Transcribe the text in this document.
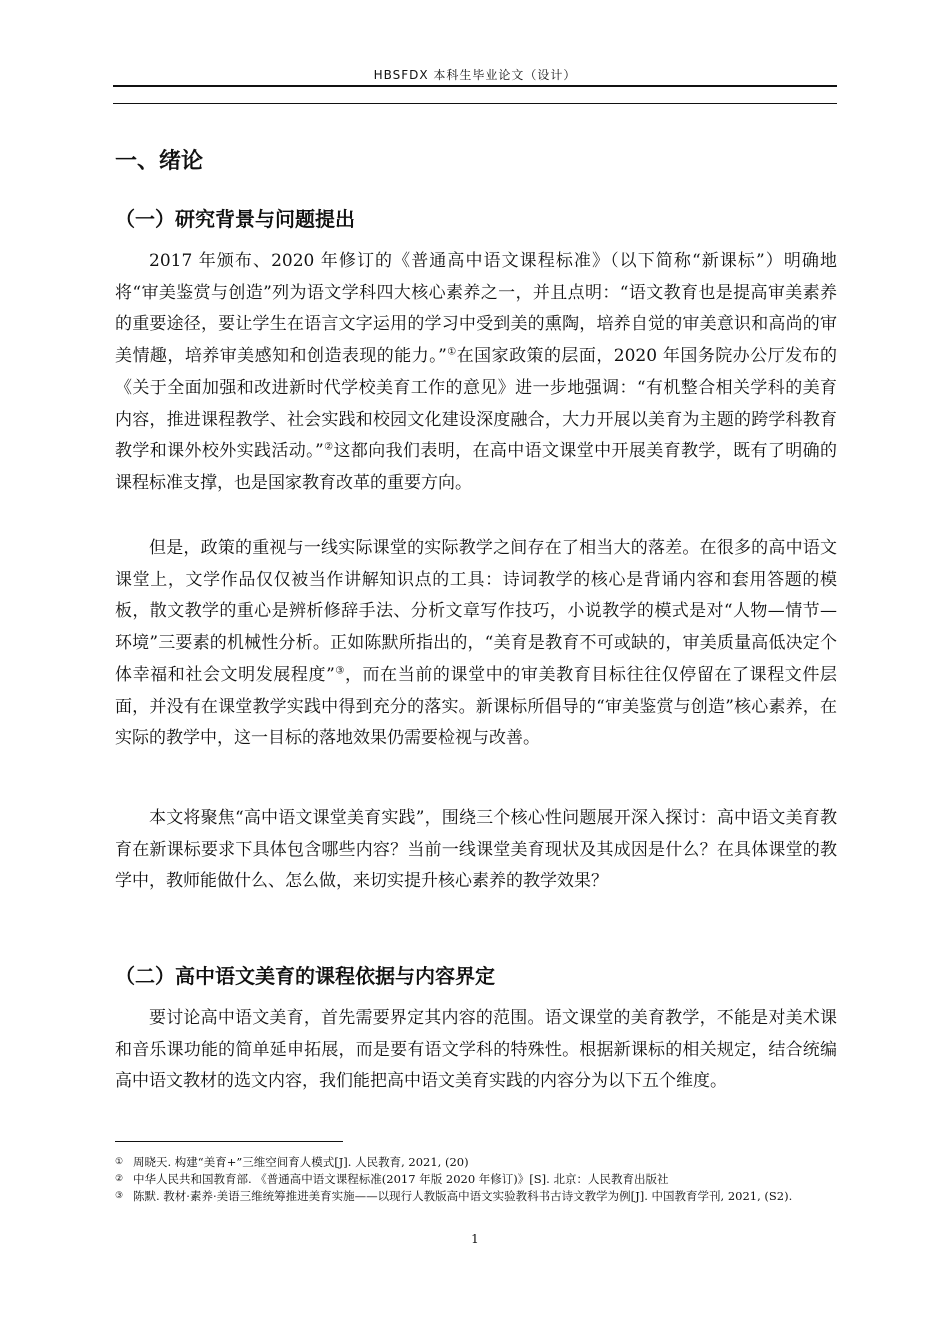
HBSFDX 本科生毕业论文（设计）
一、绪论
（一）研究背景与问题提出

2017 年颁布、2020 年修订的《普通高中语文课程标准》（以下简称“新课标”）明确地将“审美鉴赏与创造”列为语文学科四大核心素养之一，并且点明：“语文教育也是提高审美素养的重要途径，要让学生在语言文字运用的学习中受到美的熏陶，培养自觉的审美意识和高尚的审美情趣，培养审美感知和创造表现的能力。”①在国家政策的层面，2020 年国务院办公厅发布的《关于全面加强和改进新时代学校美育工作的意见》进一步地强调：“有机整合相关学科的美育内容，推进课程教学、社会实践和校园文化建设深度融合，大力开展以美育为主题的跨学科教育教学和课外校外实践活动。”②这都向我们表明，在高中语文课堂中开展美育教学，既有了明确的课程标准支撑，也是国家教育改革的重要方向。

但是，政策的重视与一线实际课堂的实际教学之间存在了相当大的落差。在很多的高中语文课堂上，文学作品仅仅被当作讲解知识点的工具：诗词教学的核心是背诵内容和套用答题的模板，散文教学的重心是辨析修辞手法、分析文章写作技巧，小说教学的模式是对“人物—情节—环境”三要素的机械性分析。正如陈默所指出的，“美育是教育不可或缺的，审美质量高低决定个体幸福和社会文明发展程度”③，而在当前的课堂中的审美教育目标往往仅停留在了课程文件层面，并没有在课堂教学实践中得到充分的落实。新课标所倡导的“审美鉴赏与创造”核心素养，在实际的教学中，这一目标的落地效果仍需要检视与改善。

本文将聚焦“高中语文课堂美育实践”，围绕三个核心性问题展开深入探讨：高中语文美育教育在新课标要求下具体包含哪些内容？当前一线课堂美育现状及其成因是什么？在具体课堂的教学中，教师能做什么、怎么做，来切实提升核心素养的教学效果？

（二）高中语文美育的课程依据与内容界定

要讨论高中语文美育，首先需要界定其内容的范围。语文课堂的美育教学，不能是对美术课和音乐课功能的简单延申拓展，而是要有语文学科的特殊性。根据新课标的相关规定，结合统编高中语文教材的选文内容，我们能把高中语文美育实践的内容分为以下五个维度。

① 周晓天. 构建“美育+”三维空间育人模式[J]. 人民教育, 2021, (20)

② 中华人民共和国教育部. 《普通高中语文课程标准(2017 年版 2020 年修订)》[S]. 北京：人民教育出版社

③ 陈默. 教材·素养·美语三维统筹推进美育实施——以现行人教版高中语文实验教科书古诗文教学为例[J]. 中国教育学刊, 2021, (S2).

1
